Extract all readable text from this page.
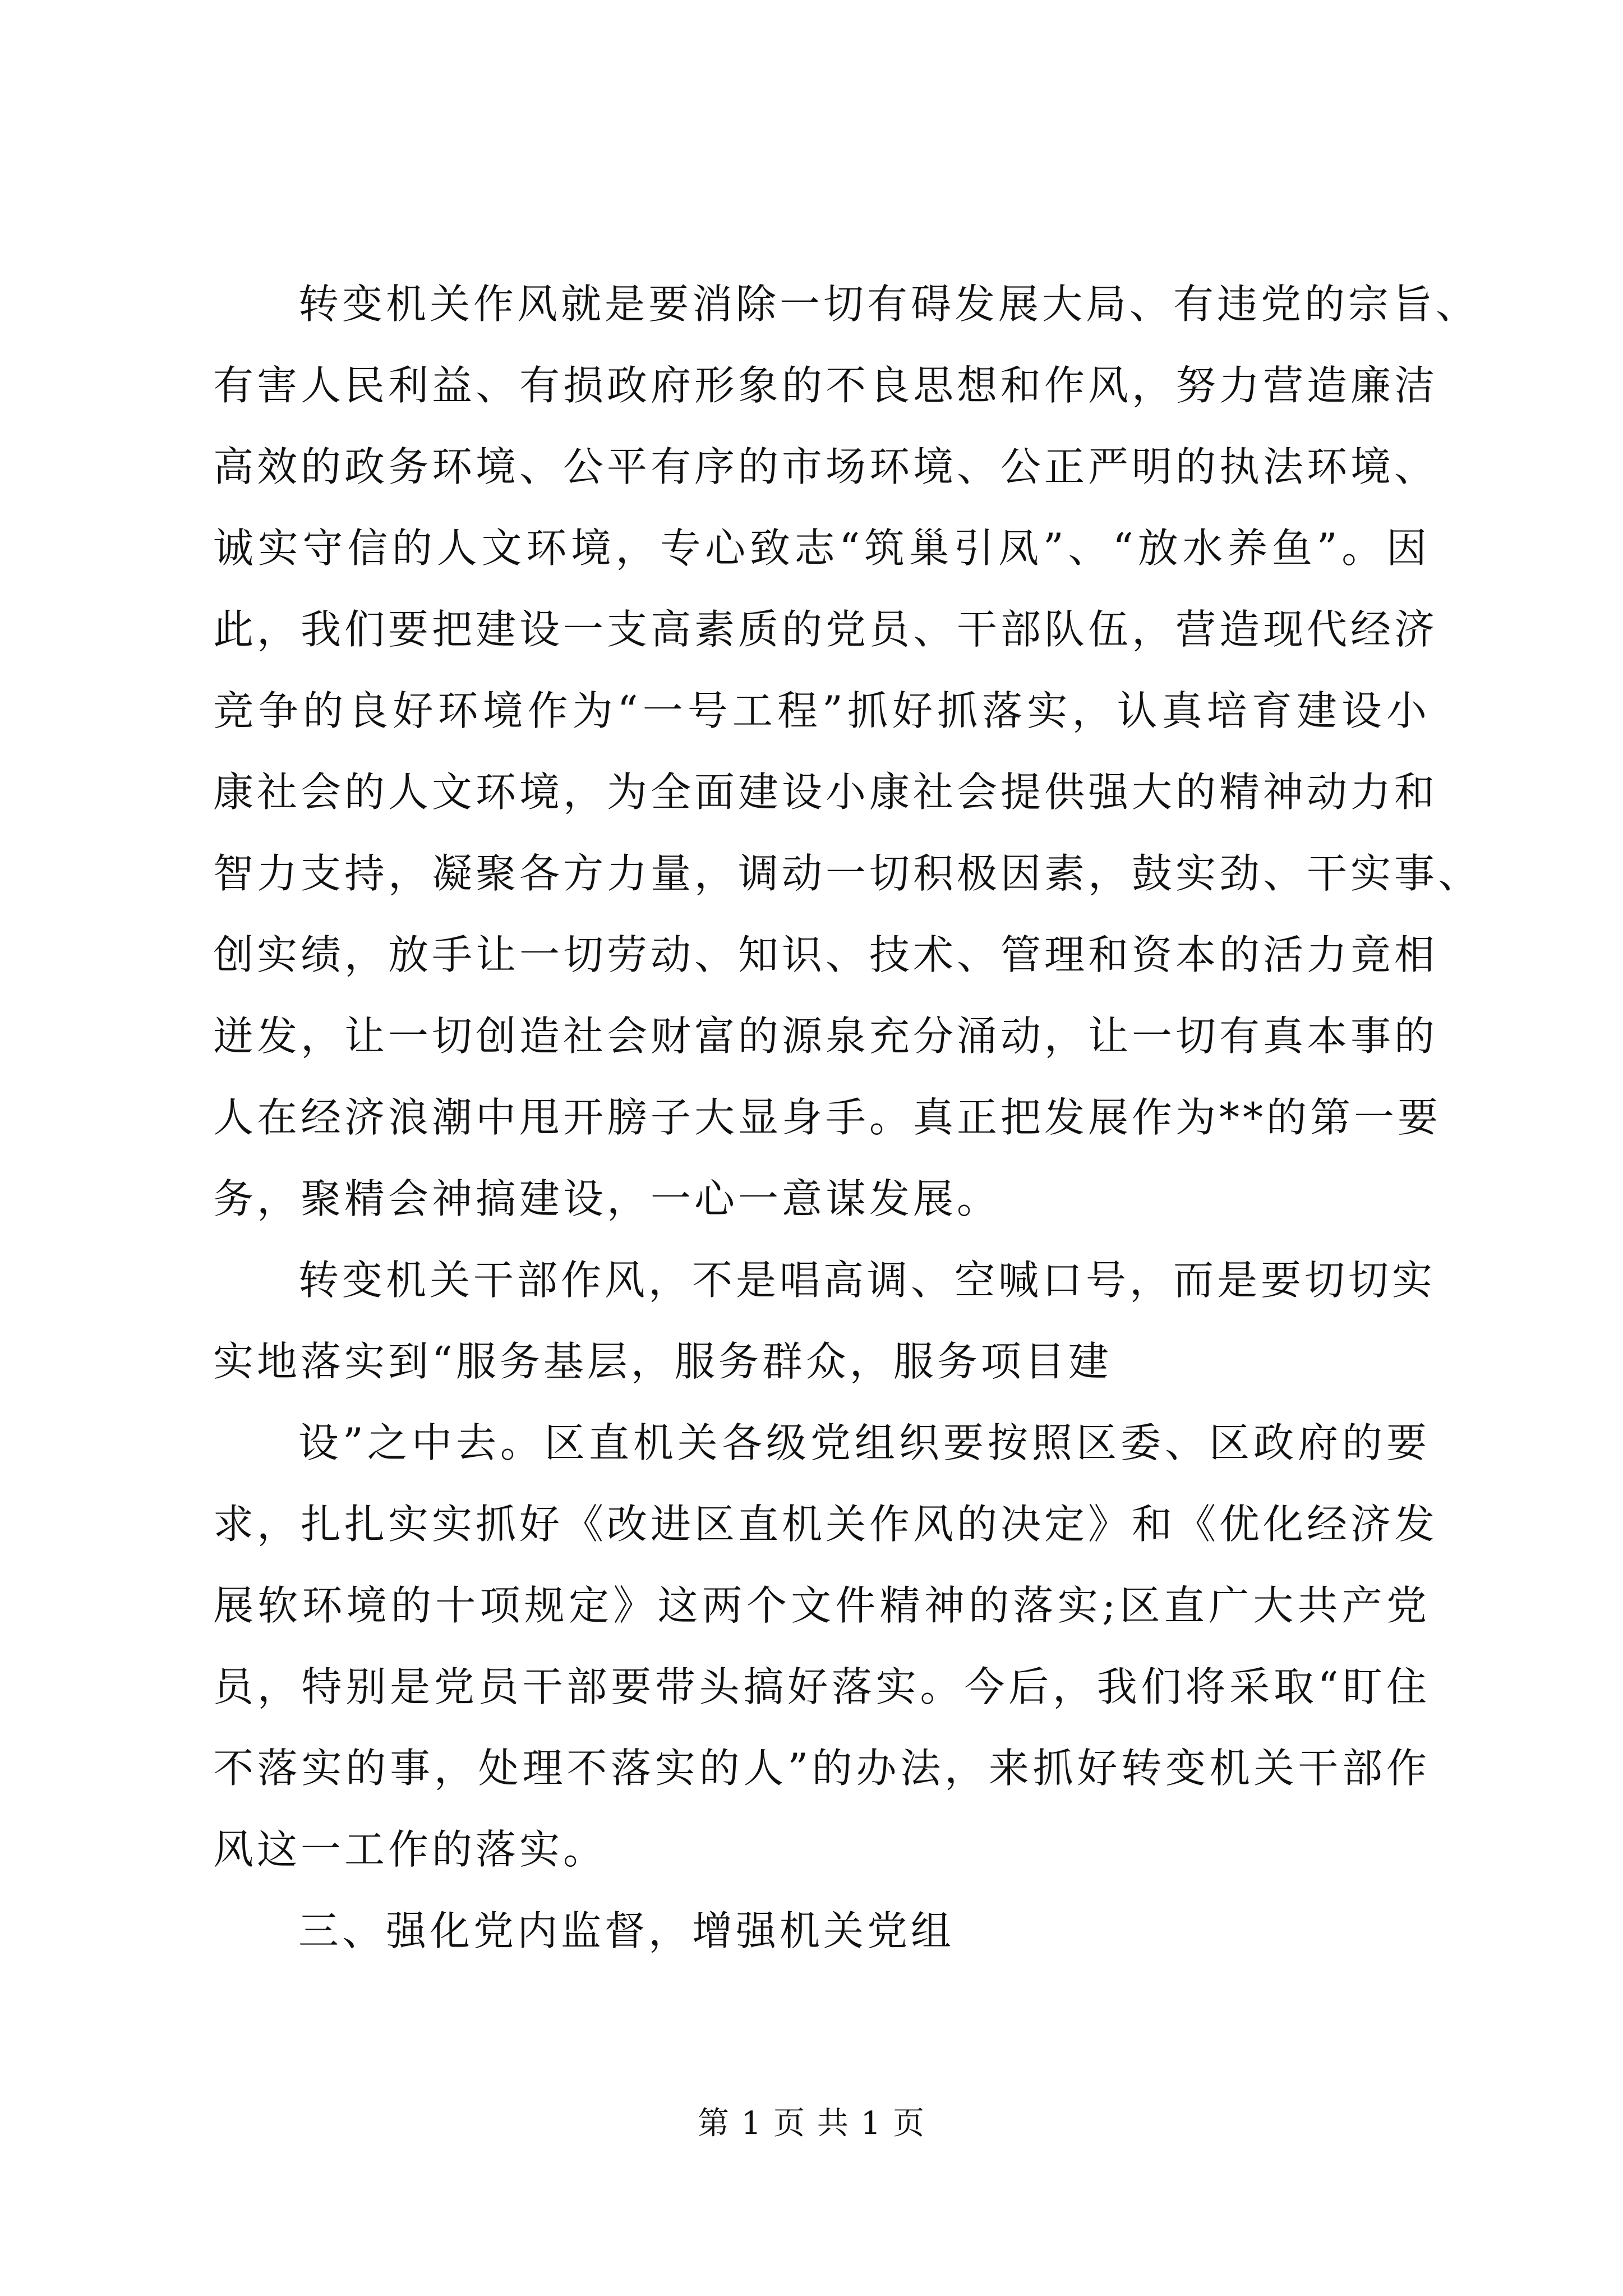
转变机关作风就是要消除一切有碍发展大局、有违党的宗旨、
有害人民利益、有损政府形象的不良思想和作风，努力营造廉洁
高效的政务环境、公平有序的市场环境、公正严明的执法环境、
诚实守信的人文环境，专心致志“筑巢引凤”、“放水养鱼”。因
此，我们要把建设一支高素质的党员、干部队伍，营造现代经济
竞争的良好环境作为“一号工程”抓好抓落实，认真培育建设小
康社会的人文环境，为全面建设小康社会提供强大的精神动力和
智力支持，凝聚各方力量，调动一切积极因素，鼓实劲、干实事、
创实绩，放手让一切劳动、知识、技术、管理和资本的活力竟相
迸发，让一切创造社会财富的源泉充分涌动，让一切有真本事的
人在经济浪潮中甩开膀子大显身手。真正把发展作为**的第一要
务，聚精会神搞建设，一心一意谋发展。
转变机关干部作风，不是唱高调、空喊口号，而是要切切实
实地落实到“服务基层，服务群众，服务项目建
设”之中去。区直机关各级党组织要按照区委、区政府的要
求，扎扎实实抓好《改进区直机关作风的决定》和《优化经济发
展软环境的十项规定》这两个文件精神的落实;区直广大共产党
员，特别是党员干部要带头搞好落实。今后，我们将采取“盯住
不落实的事，处理不落实的人”的办法，来抓好转变机关干部作
风这一工作的落实。
三、强化党内监督，增强机关党组
第 1 页 共 1 页
